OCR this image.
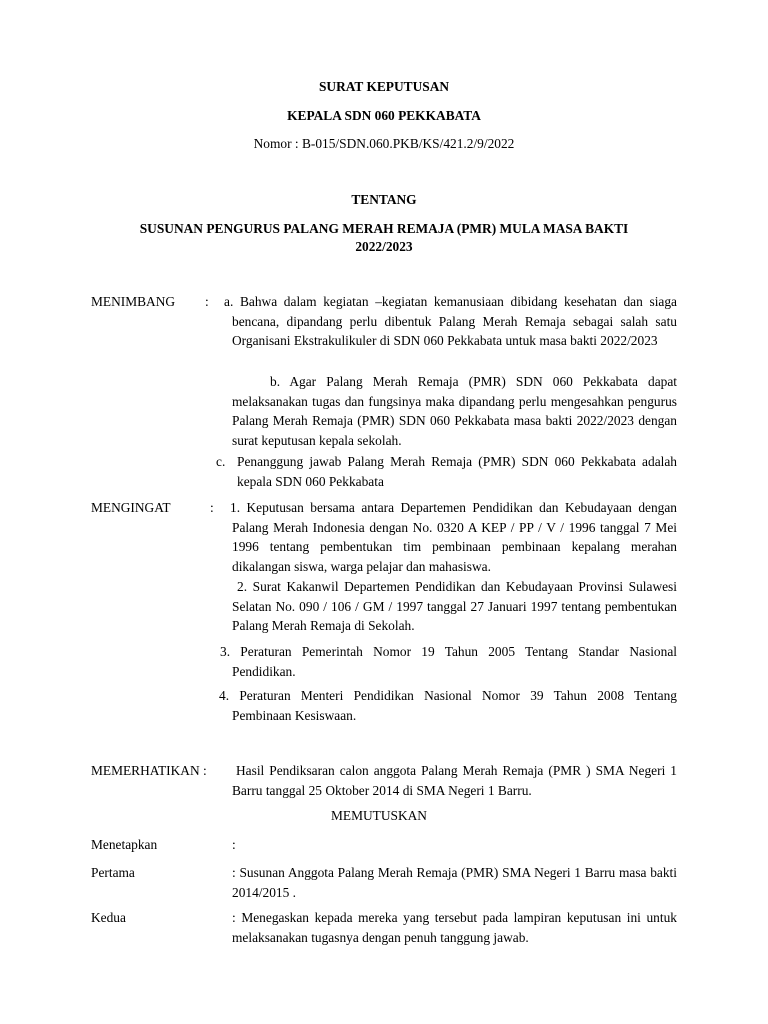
SURAT KEPUTUSAN
KEPALA SDN 060 PEKKABATA
Nomor : B-015/SDN.060.PKB/KS/421.2/9/2022
TENTANG
SUSUNAN PENGURUS PALANG MERAH REMAJA (PMR) MULA MASA BAKTI
2022/2023
MENIMBANG : a. Bahwa dalam kegiatan –kegiatan kemanusiaan dibidang kesehatan dan siaga bencana, dipandang perlu dibentuk Palang Merah Remaja sebagai salah satu Organisani Ekstrakulikuler di SDN 060 Pekkabata untuk masa bakti 2022/2023
b. Agar Palang Merah Remaja (PMR) SDN 060 Pekkabata dapat melaksanakan tugas dan fungsinya maka dipandang perlu mengesahkan pengurus Palang Merah Remaja (PMR) SDN 060 Pekkabata masa bakti 2022/2023 dengan surat keputusan kepala sekolah.
c. Penanggung jawab Palang Merah Remaja (PMR) SDN 060 Pekkabata adalah kepala SDN 060 Pekkabata
MENGINGAT	: 1. Keputusan bersama antara Departemen Pendidikan dan Kebudayaan dengan Palang Merah Indonesia dengan No. 0320 A KEP / PP / V / 1996 tanggal 7 Mei 1996 tentang pembentukan tim pembinaan pembinaan kepalang merahan dikalangan siswa, warga pelajar dan mahasiswa.
2. Surat Kakanwil Departemen Pendidikan dan Kebudayaan Provinsi Sulawesi Selatan No. 090 / 106 / GM / 1997 tanggal 27 Januari 1997 tentang pembentukan Palang Merah Remaja di Sekolah.
3. Peraturan Pemerintah Nomor 19 Tahun 2005 Tentang Standar Nasional Pendidikan.
4. Peraturan Menteri Pendidikan Nasional Nomor 39 Tahun 2008 Tentang Pembinaan Kesiswaan.
MEMERHATIKAN : Hasil Pendiksaran calon anggota Palang Merah Remaja (PMR ) SMA Negeri 1 Barru tanggal 25 Oktober 2014 di SMA Negeri 1 Barru.
MEMUTUSKAN
Menetapkan	:
Pertama	: Susunan Anggota Palang Merah Remaja (PMR) SMA Negeri 1 Barru masa bakti 2014/2015 .
Kedua	: Menegaskan kepada mereka yang tersebut pada lampiran keputusan ini untuk melaksanakan tugasnya dengan penuh tanggung jawab.
